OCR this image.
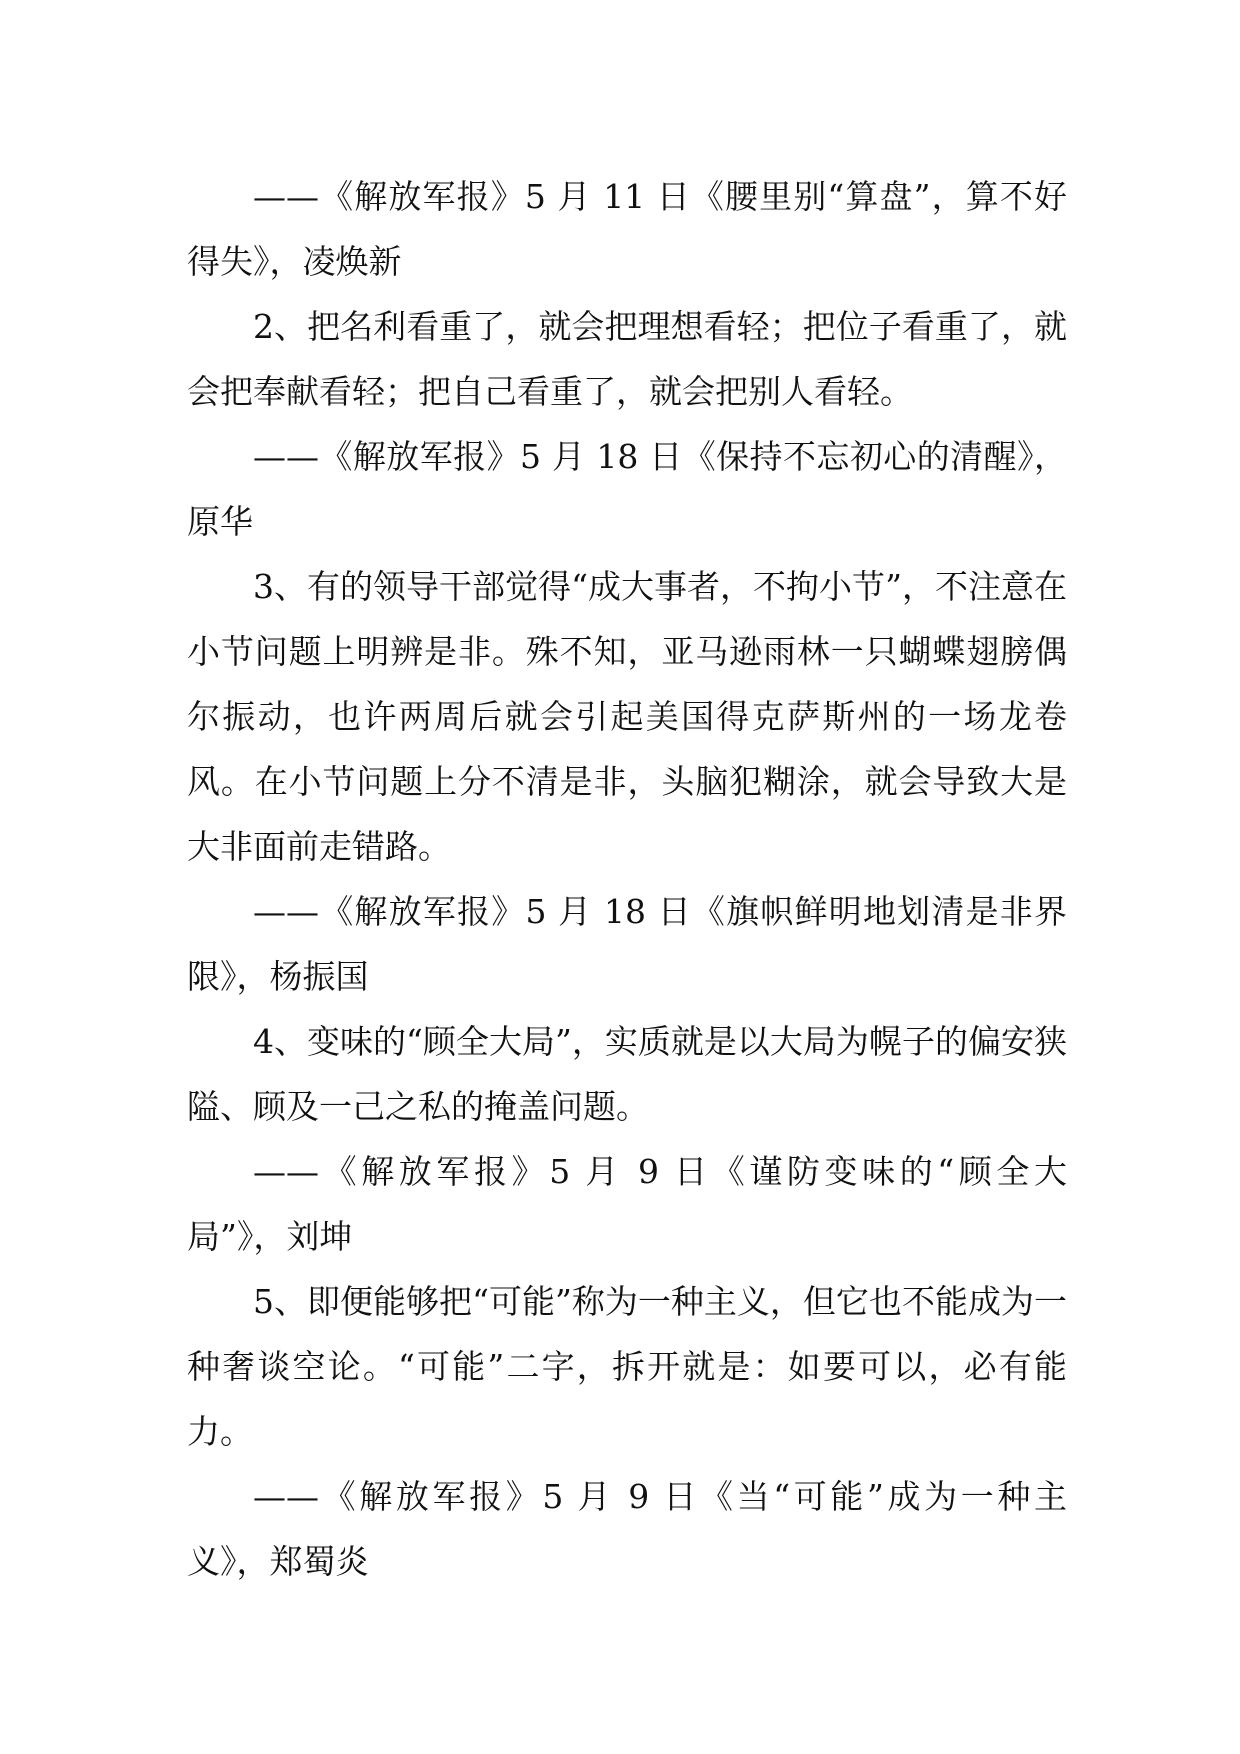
——《解放军报》5 月 11 日《腰里别“算盘”，算不好得失》，凌焕新

2、把名利看重了，就会把理想看轻；把位子看重了，就会把奉献看轻；把自己看重了，就会把别人看轻。

——《解放军报》5 月 18 日《保持不忘初心的清醒》，原华

3、有的领导干部觉得“成大事者，不拘小节”，不注意在小节问题上明辨是非。殊不知，亚马逊雨林一只蝴蝶翅膀偶尔振动，也许两周后就会引起美国得克萨斯州的一场龙卷风。在小节问题上分不清是非，头脑犯糊涂，就会导致大是大非面前走错路。

——《解放军报》5 月 18 日《旗帜鲜明地划清是非界限》，杨振国

4、变味的“顾全大局”，实质就是以大局为幌子的偏安狭隘、顾及一己之私的掩盖问题。

——《解放军报》5 月 9 日《谨防变味的“顾全大局”》，刘坤

5、即便能够把“可能”称为一种主义，但它也不能成为一种奢谈空论。“可能”二字，拆开就是：如要可以，必有能力。

——《解放军报》5 月 9 日《当“可能”成为一种主义》，郑蜀炎
